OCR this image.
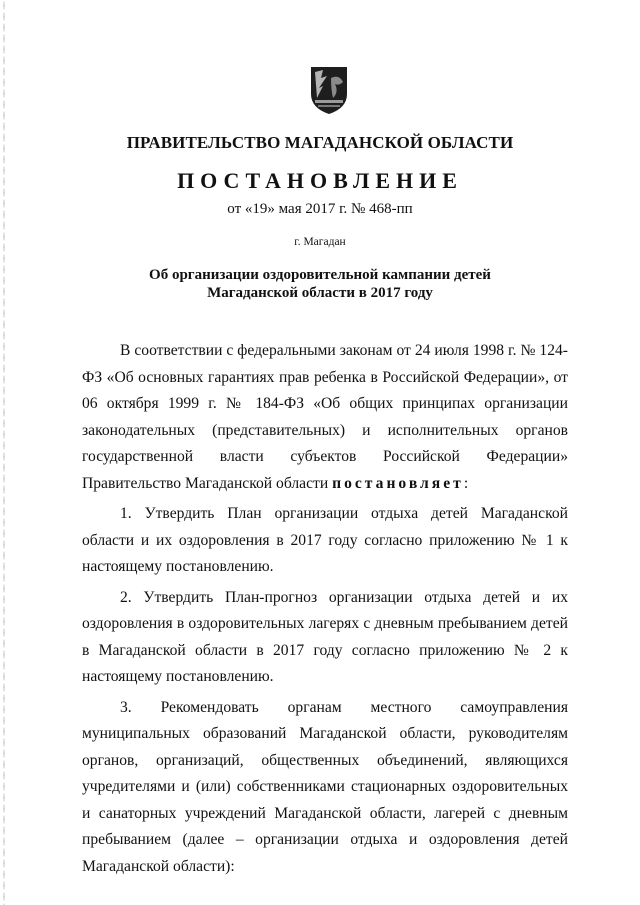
ПРАВИТЕЛЬСТВО МАГАДАНСКОЙ ОБЛАСТИ
ПОСТАНОВЛЕНИЕ
от «19» мая 2017 г. № 468-пп
г. Магадан
Об организации оздоровительной кампании детей
Магаданской области в 2017 году

В соответствии с федеральными законам от 24 июля 1998 г. № 124-ФЗ «Об основных гарантиях прав ребенка в Российской Федерации», от 06 октября 1999 г. № 184-ФЗ «Об общих принципах организации законодательных (представительных) и исполнительных органов государственной власти субъектов Российской Федерации» Правительство Магаданской области постановляет:

1. Утвердить План организации отдыха детей Магаданской области и их оздоровления в 2017 году согласно приложению № 1 к настоящему постановлению.

2. Утвердить План-прогноз организации отдыха детей и их оздоровления в оздоровительных лагерях с дневным пребыванием детей в Магаданской области в 2017 году согласно приложению № 2 к настоящему постановлению.

3. Рекомендовать органам местного самоуправления муниципальных образований Магаданской области, руководителям органов, организаций, общественных объединений, являющихся учредителями и (или) собственниками стационарных оздоровительных и санаторных учреждений Магаданской области, лагерей с дневным пребыванием (далее – организации отдыха и оздоровления детей Магаданской области):
